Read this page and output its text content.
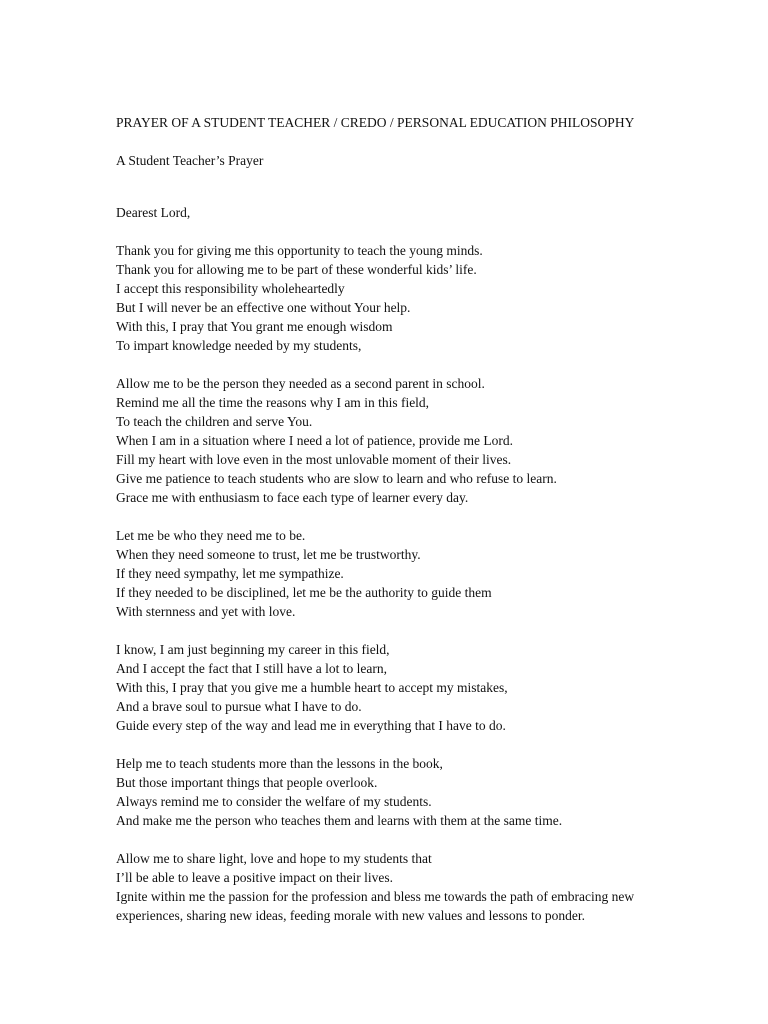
PRAYER OF A STUDENT TEACHER / CREDO / PERSONAL EDUCATION PHILOSOPHY
A Student Teacher’s Prayer
Dearest Lord,
Thank you for giving me this opportunity to teach the young minds.
Thank you for allowing me to be part of these wonderful kids’ life.
I accept this responsibility wholeheartedly
But I will never be an effective one without Your help.
With this, I pray that You grant me enough wisdom
To impart knowledge needed by my students,
Allow me to be the person they needed as a second parent in school.
Remind me all the time the reasons why I am in this field,
To teach the children and serve You.
When I am in a situation where I need a lot of patience, provide me Lord.
Fill my heart with love even in the most unlovable moment of their lives.
Give me patience to teach students who are slow to learn and who refuse to learn.
Grace me with enthusiasm to face each type of learner every day.
Let me be who they need me to be.
When they need someone to trust, let me be trustworthy.
If they need sympathy, let me sympathize.
If they needed to be disciplined, let me be the authority to guide them
With sternness and yet with love.
I know, I am just beginning my career in this field,
And I accept the fact that I still have a lot to learn,
With this, I pray that you give me a humble heart to accept my mistakes,
And a brave soul to pursue what I have to do.
Guide every step of the way and lead me in everything that I have to do.
Help me to teach students more than the lessons in the book,
But those important things that people overlook.
Always remind me to consider the welfare of my students.
And make me the person who teaches them and learns with them at the same time.
Allow me to share light, love and hope to my students that
I’ll be able to leave a positive impact on their lives.
Ignite within me the passion for the profession and bless me towards the path of embracing new experiences, sharing new ideas, feeding morale with new values and lessons to ponder.
